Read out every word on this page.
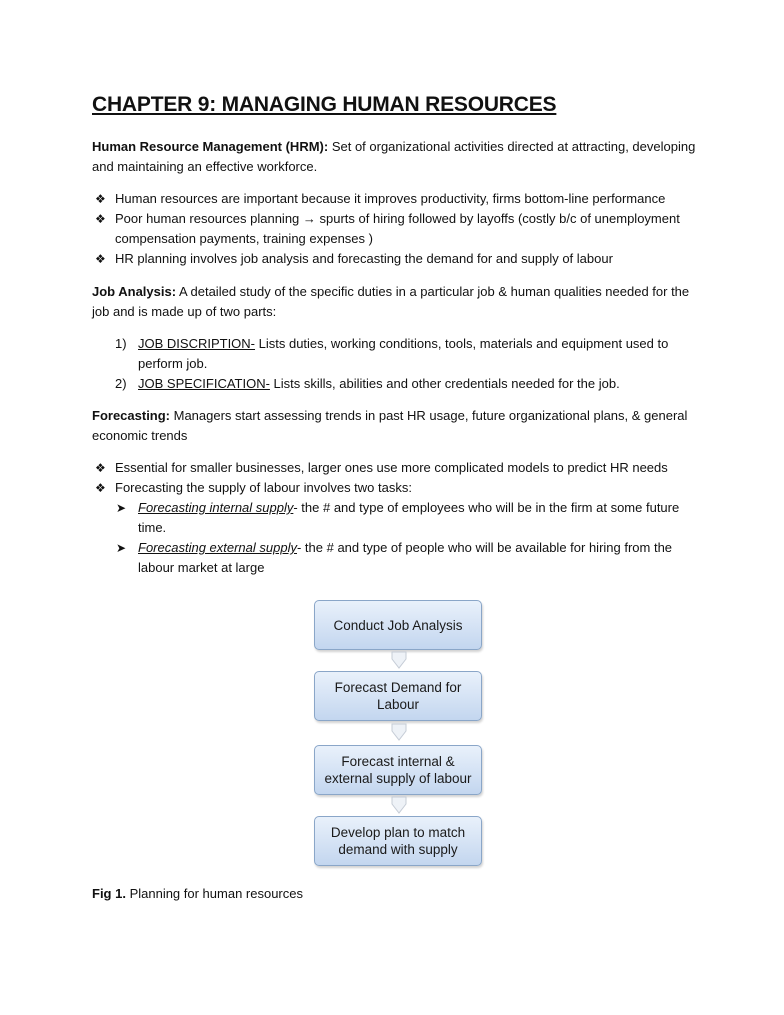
CHAPTER 9: MANAGING HUMAN RESOURCES
Human Resource Management (HRM): Set of organizational activities directed at attracting, developing and maintaining an effective workforce.
❖ Human resources are important because it improves productivity, firms bottom-line performance
❖ Poor human resources planning → spurts of hiring followed by layoffs (costly b/c of unemployment compensation payments, training expenses )
❖ HR planning involves job analysis and forecasting the demand for and supply of labour
Job Analysis: A detailed study of the specific duties in a particular job & human qualities needed for the job and is made up of two parts:
1) JOB DISCRIPTION- Lists duties, working conditions, tools, materials and equipment used to perform job.
2) JOB SPECIFICATION- Lists skills, abilities and other credentials needed for the job.
Forecasting: Managers start assessing trends in past HR usage, future organizational plans, & general economic trends
❖ Essential for smaller businesses, larger ones use more complicated models to predict HR needs
❖ Forecasting the supply of labour involves two tasks:
➤ Forecasting internal supply- the # and type of employees who will be in the firm at some future time.
➤ Forecasting external supply- the # and type of people who will be available for hiring from the labour market at large
Conduct Job Analysis
Forecast Demand for Labour
Forecast internal & external supply of labour
Develop plan to match demand with supply
Fig 1. Planning for human resources
